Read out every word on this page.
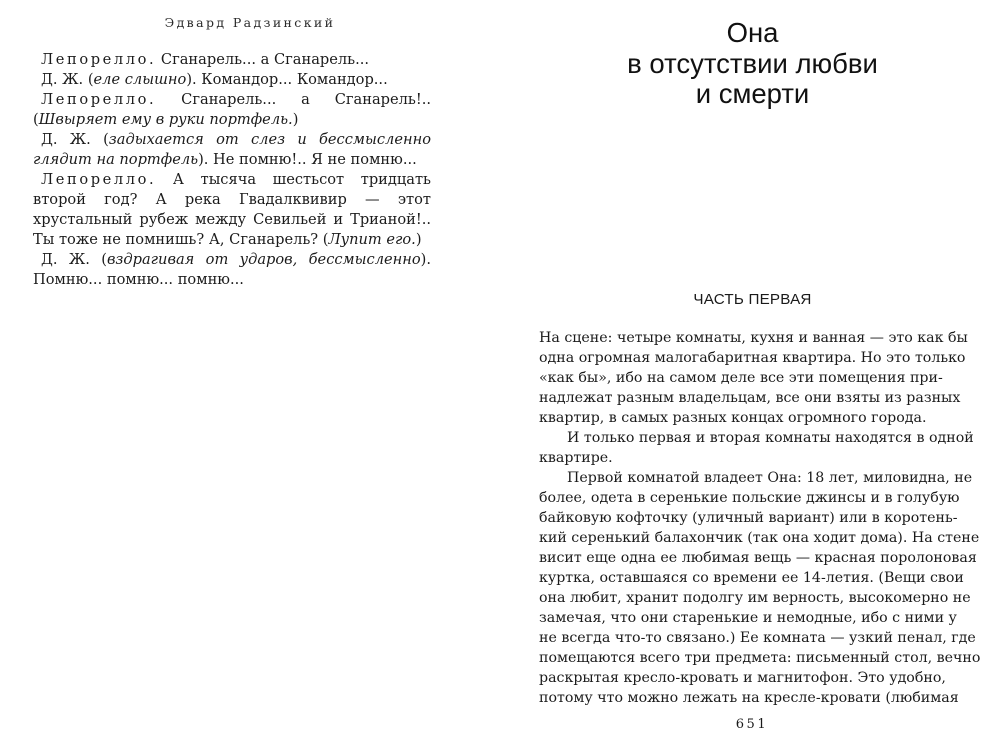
Эдвард Радзинский

Лепорелло. Сганарель... а Сганарель...

Д. Ж. (еле слышно). Командор... Командор...

Лепорелло. Сганарель... а Сганарель!.. (Швыряет ему в руки портфель.)

Д. Ж. (задыхается от слез и бессмысленно глядит на портфель). Не помню!.. Я не помню...

Лепорелло. А тысяча шестьсот тридцать второй год? А река Гвадалквивир — этот хрустальный рубеж между Севильей и Трианой!.. Ты тоже не помнишь? А, Сганарель? (Лупит его.)

Д. Ж. (вздрагивая от ударов, бессмысленно). Помню... помню... помню...

Она
в отсутствии любви
и смерти
ЧАСТЬ ПЕРВАЯ
На сцене: четыре комнаты, кухня и ванная — это как бы
одна огромная малогабаритная квартира. Но это только
«как бы», ибо на самом деле все эти помещения при-
надлежат разным владельцам, все они взяты из разных
квартир, в самых разных концах огромного города.
И только первая и вторая комнаты находятся в одной
квартире.
Первой комнатой владеет Она: 18 лет, миловидна, не
более, одета в серенькие польские джинсы и в голубую
байковую кофточку (уличный вариант) или в коротень-
кий серенький балахончик (так она ходит дома). На стене
висит еще одна ее любимая вещь — красная поролоновая
куртка, оставшаяся со времени ее 14-летия. (Вещи свои
она любит, хранит подолгу им верность, высокомерно не
замечая, что они старенькие и немодные, ибо с ними у
не всегда что-то связано.) Ее комната — узкий пенал, где
помещаются всего три предмета: письменный стол, вечно
раскрытая кресло-кровать и магнитофон. Это удобно,
потому что можно лежать на кресле-кровати (любимая
651
